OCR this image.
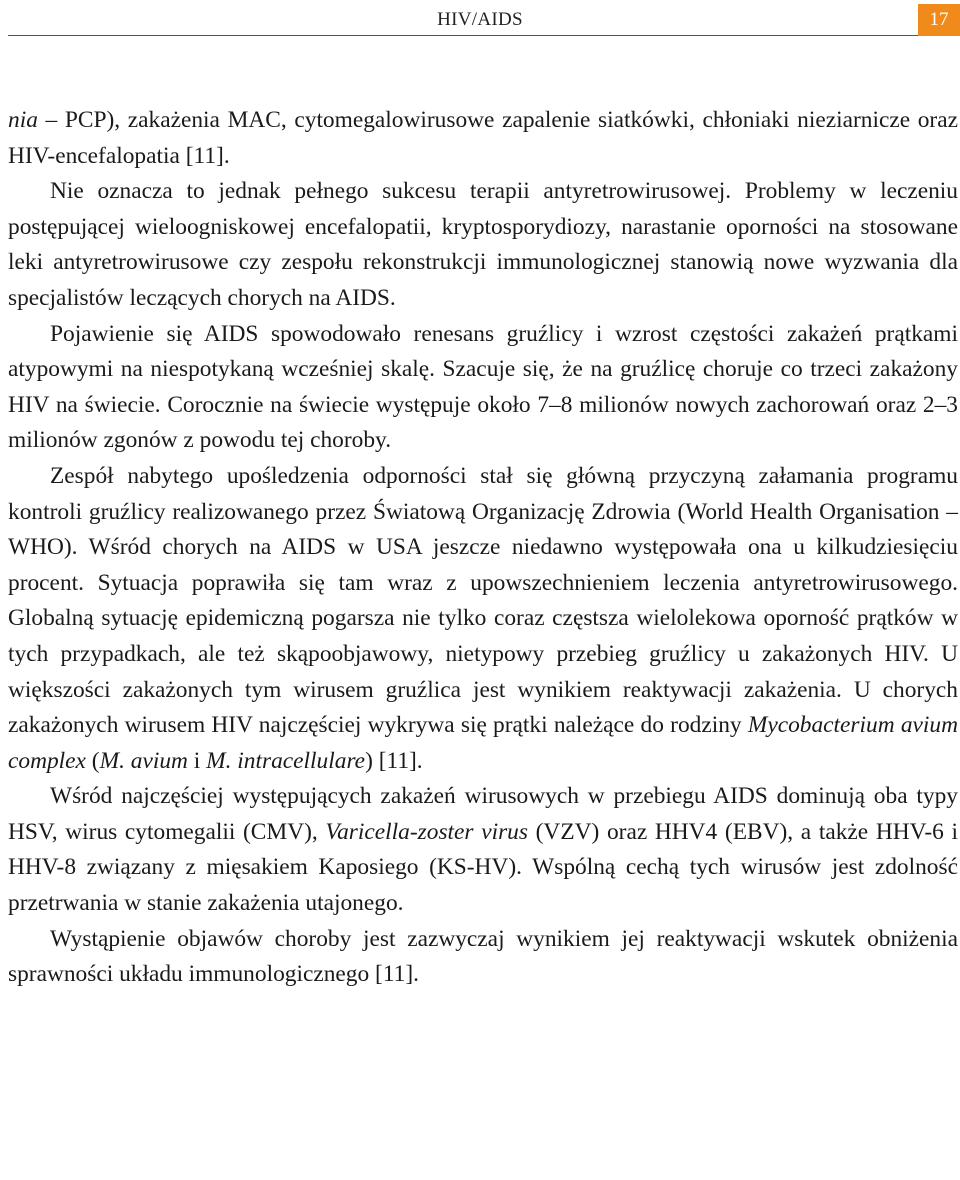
HIV/AIDS	17

nia – PCP), zakażenia MAC, cytomegalowirusowe zapalenie siatkówki, chłoniaki nieziarnicze oraz HIV-encefalopatia [11].

Nie oznacza to jednak pełnego sukcesu terapii antyretrowirusowej. Problemy w leczeniu postępującej wieloogniskowej encefalopatii, kryptosporydiozy, narastanie oporności na stosowane leki antyretrowirusowe czy zespołu rekonstrukcji immunologicznej stanowią nowe wyzwania dla specjalistów leczących chorych na AIDS.

Pojawienie się AIDS spowodowało renesans gruźlicy i wzrost częstości zakażeń prątkami atypowymi na niespotykaną wcześniej skalę. Szacuje się, że na gruźlicę choruje co trzeci zakażony HIV na świecie. Corocznie na świecie występuje około 7–8 milionów nowych zachorowań oraz 2–3 milionów zgonów z powodu tej choroby.

Zespół nabytego upośledzenia odporności stał się główną przyczyną załamania programu kontroli gruźlicy realizowanego przez Światową Organizację Zdrowia (World Health Organisation – WHO). Wśród chorych na AIDS w USA jeszcze niedawno występowała ona u kilkudziesięciu procent. Sytuacja poprawiła się tam wraz z upowszechnieniem leczenia antyretrowirusowego. Globalną sytuację epidemiczną pogarsza nie tylko coraz częstsza wielolekowa oporność prątków w tych przypadkach, ale też skąpoobjawowy, nietypowy przebieg gruźlicy u zakażonych HIV. U większości zakażonych tym wirusem gruźlica jest wynikiem reaktywacji zakażenia. U chorych zakażonych wirusem HIV najczęściej wykrywa się prątki należące do rodziny Mycobacterium avium complex (M. avium i M. intracellulare) [11].

Wśród najczęściej występujących zakażeń wirusowych w przebiegu AIDS dominują oba typy HSV, wirus cytomegalii (CMV), Varicella-zoster virus (VZV) oraz HHV4 (EBV), a także HHV-6 i HHV-8 związany z mięsakiem Kaposiego (KS-HV). Wspólną cechą tych wirusów jest zdolność przetrwania w stanie zakażenia utajonego.

Wystąpienie objawów choroby jest zazwyczaj wynikiem jej reaktywacji wskutek obniżenia sprawności układu immunologicznego [11].
